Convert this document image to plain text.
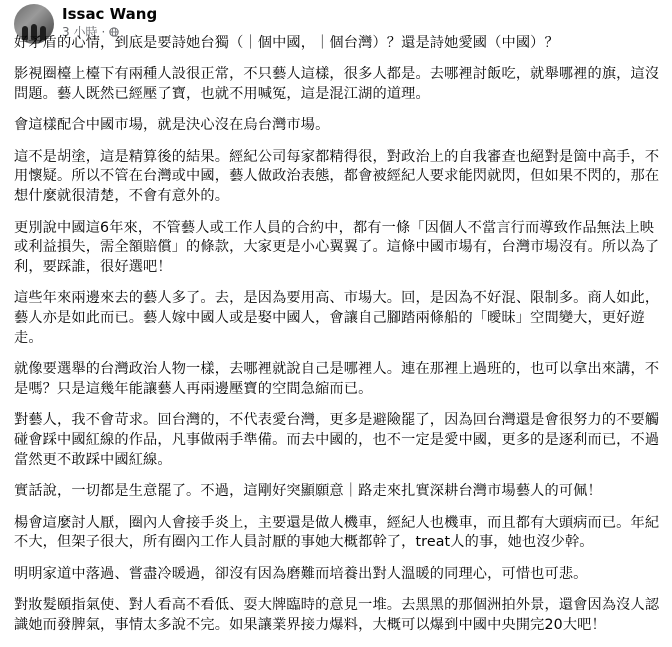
Issac Wang
3 小時 ·

好矛盾的心情，到底是要詩她台獨（｜個中國，｜個台灣）？還是詩她愛國（中國）？

影視圈檯上檯下有兩種人設很正常，不只藝人這樣，很多人都是。去哪裡討飯吃，就舉哪裡的旗，這沒問題。藝人既然已經壓了寶，也就不用喊冤，這是混江湖的道理。

會這樣配合中國市場，就是決心沒在烏台灣市場。

這不是胡塗，這是精算後的結果。經紀公司每家都精得很，對政治上的自我審查也絕對是箇中高手，不用懷疑。所以不管在台灣或中國，藝人做政治表態，都會被經紀人要求能閃就閃，但如果不閃的，那在想什麼就很清楚，不會有意外的。

更別說中國這6年來，不管藝人或工作人員的合約中，都有一條「因個人不當言行而導致作品無法上映或利益損失，需全額賠償」的條款，大家更是小心翼翼了。這條中國市場有，台灣市場沒有。所以為了利，要踩誰，很好選吧！

這些年來兩邊來去的藝人多了。去，是因為要用高、市場大。回，是因為不好混、限制多。商人如此，藝人亦是如此而已。藝人嫁中國人或是娶中國人，會讓自己腳踏兩條船的「曖昧」空間變大，更好遊走。

就像要選舉的台灣政治人物一樣，去哪裡就說自己是哪裡人。連在那裡上過班的，也可以拿出來講，不是嗎？只是這幾年能讓藝人再兩邊壓寶的空間急縮而已。

對藝人，我不會苛求。回台灣的，不代表愛台灣，更多是避險罷了，因為回台灣還是會很努力的不要觸碰會踩中國紅線的作品，凡事做兩手準備。而去中國的，也不一定是愛中國，更多的是逐利而已，不過當然更不敢踩中國紅線。

實話說，一切都是生意罷了。不過，這剛好突顯願意｜路走來扎實深耕台灣市場藝人的可佩！

楊會這麼討人厭，圈內人會接手炎上，主要還是做人機車，經紀人也機車，而且都有大頭病而已。年紀不大，但架子很大，所有圈內工作人員討厭的事她大概都幹了，treat人的事，她也沒少幹。

明明家道中落過、嘗盡冷暖過，卻沒有因為磨難而培養出對人溫暖的同理心，可惜也可悲。

對妝髮頤指氣使、對人看高不看低、耍大牌臨時的意見一堆。去黑黑的那個洲拍外景，還會因為沒人認識她而發脾氣，事情太多說不完。如果讓業界接力爆料，大概可以爆到中國中央開完20大吧！
